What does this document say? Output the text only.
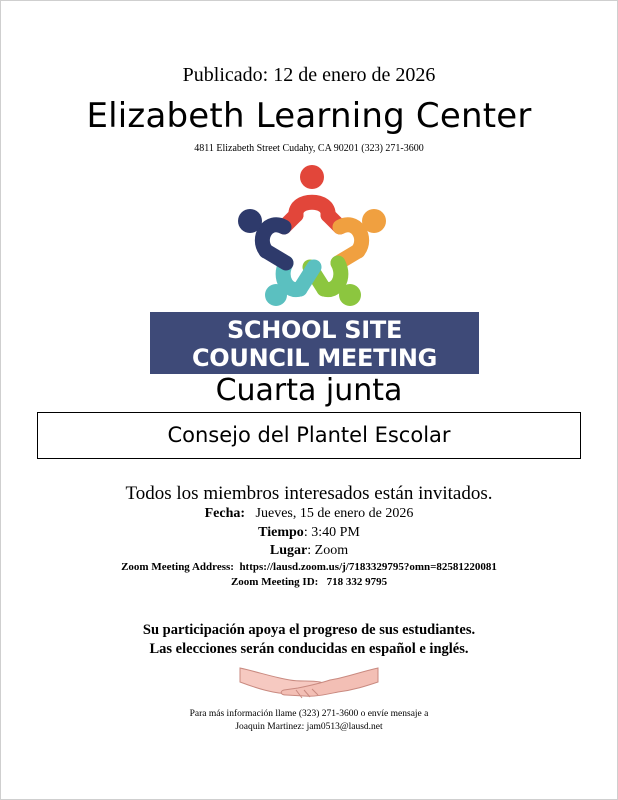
Publicado: 12 de enero de 2026
Elizabeth Learning Center
4811 Elizabeth Street Cudahy, CA 90201 (323) 271-3600
SCHOOL SITE
COUNCIL MEETING
Cuarta junta
Consejo del Plantel Escolar
Todos los miembros interesados están invitados.
Fecha: Jueves, 15 de enero de 2026
Tiempo: 3:40 PM
Lugar: Zoom
Zoom Meeting Address: https://lausd.zoom.us/j/7183329795?omn=82581220081
Zoom Meeting ID: 718 332 9795
Su participación apoya el progreso de sus estudiantes.
Las elecciones serán conducidas en español e inglés.
Para más información llame (323) 271-3600 o envíe mensaje a
Joaquin Martinez: jam0513@lausd.net
